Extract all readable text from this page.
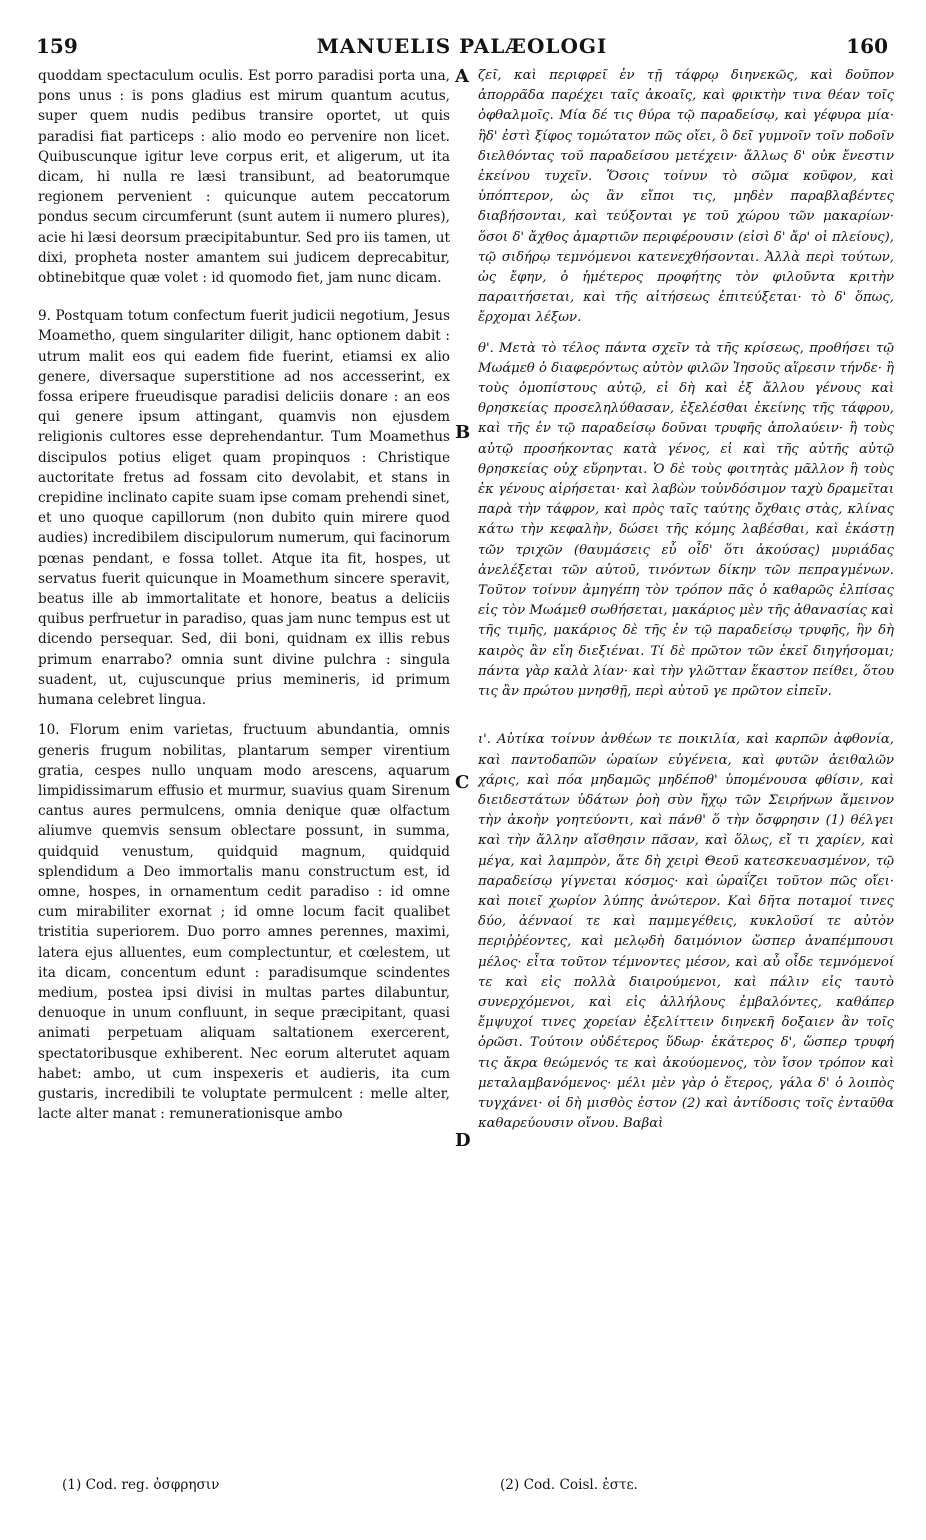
159	MANUELIS PALÆOLOGI	160

quoddam spectaculum oculis. Est porro paradisi porta una, pons unus : is pons gladius est mirum quantum acutus, super quem nudis pedibus transire oportet, ut quis paradisi fiat particeps : alio modo eo pervenire non licet. Quibuscunque igitur leve corpus erit, et aligerum, ut ita dicam, hi nulla re læsi transibunt, ad beatorumque regionem pervenient : quicunque autem peccatorum pondus secum circumferunt (sunt autem ii numero plures), acie hi læsi deorsum præcipitabuntur. Sed pro iis tamen, ut dixi, propheta noster amantem sui judicem deprecabitur, obtinebitque quæ volet : id quomodo fiet, jam nunc dicam.

9. Postquam totum confectum fuerit judicii negotium, Jesus Moametho, quem singulariter diligit, hanc optionem dabit : utrum malit eos qui eadem fide fuerint, etiamsi ex alio genere, diversaque superstitione ad nos accesserint, ex fossa eripere frueudisque paradisi deliciis donare : an eos qui genere ipsum attingant, quamvis non ejusdem religionis cultores esse deprehendantur. Tum Moamethus discipulos potius eliget quam propinquos : Christique auctoritate fretus ad fossam cito devolabit, et stans in crepidine inclinato capite suam ipse comam prehendi sinet, et uno quoque capillorum (non dubito quin mirere quod audies) incredibilem discipulorum numerum, qui facinorum pœnas pendant, e fossa tollet. Atque ita fit, hospes, ut servatus fuerit quicunque in Moamethum sincere speravit, beatus ille ab immortalitate et honore, beatus a deliciis quibus perfruetur in paradiso, quas jam nunc tempus est ut dicendo persequar. Sed, dii boni, quidnam ex illis rebus primum enarrabo? omnia sunt divine pulchra : singula suadent, ut, cujuscunque prius memineris, id primum humana celebret lingua.

10. Florum enim varietas, fructuum abundantia, omnis generis frugum nobilitas, plantarum semper virentium gratia, cespes nullo unquam modo arescens, aquarum limpidissimarum effusio et murmur, suavius quam Sirenum cantus aures permulcens, omnia denique quæ olfactum aliumve quemvis sensum oblectare possunt, in summa, quidquid venustum, quidquid magnum, quidquid splendidum a Deo immortalis manu constructum est, id omne, hospes, in ornamentum cedit paradiso : id omne cum mirabiliter exornat ; id omne locum facit qualibet tristitia superiorem. Duo porro amnes perennes, maximi, latera ejus alluentes, eum complectuntur, et cœlestem, ut ita dicam, concentum edunt : paradisumque scindentes medium, postea ipsi divisi in multas partes dilabuntur, denuoque in unum confluunt, in seque præcipitant, quasi animati perpetuam aliquam saltationem exercerent, spectatoribusque exhiberent. Nec eorum alterutet aquam habet: ambo, ut cum inspexeris et audieris, ita cum gustaris, incredibili te voluptate permulcent : melle alter, lacte alter manat : remunerationisque ambo

A
B
C
D

ζεῖ, καὶ περιφρεῖ ἐν τῇ τάφρῳ διηνεκῶς, καὶ δοῦπον ἀπορρᾶδα παρέχει ταῖς ἀκοαῖς, καὶ φρικτὴν τινα θέαν τοῖς ὀφθαλμοῖς. Μία δέ τις θύρα τῷ παραδείσῳ, καὶ γέφυρα μία· ἣδ' ἐστὶ ξίφος τομώτατον πῶς οἴει, ὃ δεῖ γυμνοῖν τοῖν ποδοῖν διελθόντας τοῦ παραδείσου μετέχειν· ἄλλως δ' οὐκ ἔνεστιν ἐκείνου τυχεῖν. Ὅσοις τοίνυν τὸ σῶμα κοῦφον, καὶ ὑπόπτερον, ὡς ἂν εἴποι τις, μηδὲν παραβλαβέντες διαβήσονται, καὶ τεύξονται γε τοῦ χώρου τῶν μακαρίων· ὅσοι δ' ἄχθος ἁμαρτιῶν περιφέρουσιν (εἰσὶ δ' ἄρ' οἱ πλείους), τῷ σιδήρῳ τεμνόμενοι κατενεχθήσονται. Ἀλλὰ περὶ τούτων, ὡς ἔφην, ὁ ἡμέτερος προφήτης τὸν φιλοῦντα κριτὴν παραιτήσεται, καὶ τῆς αἰτήσεως ἐπιτεύξεται· τὸ δ' ὅπως, ἔρχομαι λέξων.

θ'. Μετὰ τὸ τέλος πάντα σχεῖν τὰ τῆς κρίσεως, προθήσει τῷ Μωάμεθ ὁ διαφερόντως αὐτὸν φιλῶν Ἰησοῦς αἵρεσιν τήνδε· ἢ τοὺς ὁμοπίστους αὐτῷ, εἰ δὴ καὶ ἐξ ἄλλου γένους καὶ θρησκείας προσεληλύθασαν, ἐξελέσθαι ἐκείνης τῆς τάφρου, καὶ τῆς ἐν τῷ παραδείσῳ δοῦναι τρυφῆς ἀπολαύειν· ἢ τοὺς αὐτῷ προσήκοντας κατὰ γένος, εἰ καὶ τῆς αὐτῆς αὐτῷ θρησκείας οὐχ εὕρηνται. Ὁ δὲ τοὺς φοιτητὰς μᾶλλον ἢ τοὺς ἐκ γένους αἱρήσεται· καὶ λαβὼν τοὐνδόσιμον ταχὺ δραμεῖται παρὰ τὴν τάφρον, καὶ πρὸς ταῖς ταύτης ὄχθαις στὰς, κλίνας κάτω τὴν κεφαλὴν, δώσει τῆς κόμης λαβέσθαι, καὶ ἑκάστῃ τῶν τριχῶν (θαυμάσεις εὖ οἶδ' ὅτι ἀκούσας) μυριάδας ἀνελέξεται τῶν αὐτοῦ, τινόντων δίκην τῶν πεπραγμένων. Τοῦτον τοίνυν ἀμηγέπη τὸν τρόπον πᾶς ὁ καθαρῶς ἐλπίσας εἰς τὸν Μωάμεθ σωθήσεται, μακάριος μὲν τῆς ἀθανασίας καὶ τῆς τιμῆς, μακάριος δὲ τῆς ἐν τῷ παραδείσῳ τρυφῆς, ἣν δὴ καιρὸς ἂν εἴη διεξιέναι. Τί δὲ πρῶτον τῶν ἐκεῖ διηγήσομαι; πάντα γὰρ καλὰ λίαν· καὶ τὴν γλῶτταν ἕκαστον πείθει, ὅτου τις ἂν πρώτου μνησθῇ, περὶ αὐτοῦ γε πρῶτον εἰπεῖν.

ι'. Αὐτίκα τοίνυν ἀνθέων τε ποικιλία, καὶ καρπῶν ἀφθονία, καὶ παντοδαπῶν ὡραίων εὐγένεια, καὶ φυτῶν ἀειθαλῶν χάρις, καὶ πόα μηδαμῶς μηδέποθ' ὑπομένουσα φθίσιν, καὶ διειδεστάτων ὑδάτων ῥοὴ σὺν ἤχῳ τῶν Σειρήνων ἄμεινον τὴν ἀκοὴν γοητεύοντι, καὶ πάνθ' ὅ τὴν ὄσφρησιν (1) θέλγει καὶ τὴν ἄλλην αἴσθησιν πᾶσαν, καὶ ὅλως, εἴ τι χαρίεν, καὶ μέγα, καὶ λαμπρὸν, ἅτε δὴ χειρὶ Θεοῦ κατεσκευασμένον, τῷ παραδείσῳ γίγνεται κόσμος· καὶ ὡραΐζει τοῦτον πῶς οἴει· καὶ ποιεῖ χωρίον λύπης ἀνώτερον. Καὶ δῆτα ποταμοί τινες δύο, ἀένναοί τε καὶ παμμεγέθεις, κυκλοῦσί τε αὐτὸν περιῤῥέοντες, καὶ μελῳδὴ δαιμόνιον ὥσπερ ἀναπέμπουσι μέλος· εἶτα τοῦτον τέμνοντες μέσον, καὶ αὖ οἶδε τεμνόμενοί τε καὶ εἰς πολλὰ διαιρούμενοι, καὶ πάλιν εἰς ταυτὸ συνερχόμενοι, καὶ εἰς ἀλλήλους ἐμβαλόντες, καθάπερ ἔμψυχοί τινες χορείαν ἐξελίττειν διηνεκῆ δοξαιεν ἂν τοῖς ὁρῶσι. Τούτοιν οὐδέτερος ὕδωρ· ἑκάτερος δ', ὥσπερ τρυφή τις ἄκρα θεώμενός τε καὶ ἀκούομενος, τὸν ἴσον τρόπον καὶ μεταλαμβανόμενος· μέλι μὲν γὰρ ὁ ἕτερος, γάλα δ' ὁ λοιπὸς τυγχάνει· οἱ δὴ μισθὸς ἐστον (2) καὶ ἀντίδοσις τοῖς ἐνταῦθα καθαρεύουσιν οἴνου. Βαβαὶ

(1) Cod. reg. ὀσφρησιν	(2) Cod. Coisl. ἐστε.
